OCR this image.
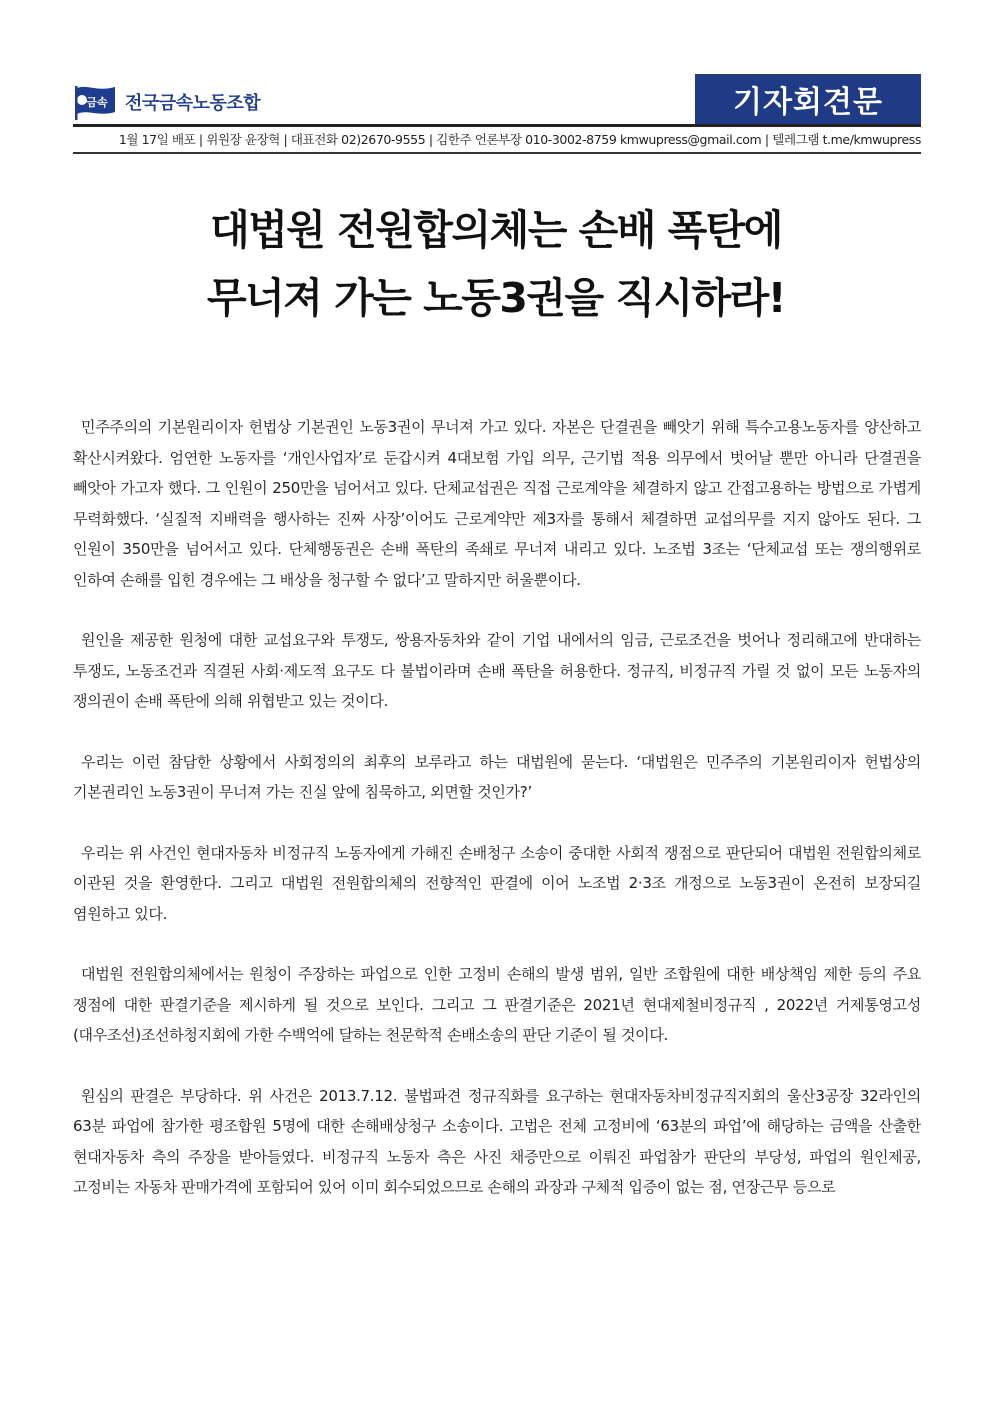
금속 전국금속노동조합	기자회견문
1월 17일 배포 | 위원장 윤장혁 | 대표전화 02)2670-9555 | 김한주 언론부장 010-3002-8759 kmwupress@gmail.com | 텔레그램 t.me/kmwupress
대법원 전원합의체는 손배 폭탄에
무너져 가는 노동3권을 직시하라!

민주주의의 기본원리이자 헌법상 기본권인 노동3권이 무너져 가고 있다. 자본은 단결권을 빼앗기 위해 특수고용노동자를 양산하고 확산시켜왔다. 엄연한 노동자를 ‘개인사업자’로 둔갑시켜 4대보험 가입 의무, 근기법 적용 의무에서 벗어날 뿐만 아니라 단결권을 빼앗아 가고자 했다. 그 인원이 250만을 넘어서고 있다. 단체교섭권은 직접 근로계약을 체결하지 않고 간접고용하는 방법으로 가볍게 무력화했다. ‘실질적 지배력을 행사하는 진짜 사장’이어도 근로계약만 제3자를 통해서 체결하면 교섭의무를 지지 않아도 된다. 그 인원이 350만을 넘어서고 있다. 단체행동권은 손배 폭탄의 족쇄로 무너져 내리고 있다. 노조법 3조는 ‘단체교섭 또는 쟁의행위로 인하여 손해를 입힌 경우에는 그 배상을 청구할 수 없다’고 말하지만 허울뿐이다.

원인을 제공한 원청에 대한 교섭요구와 투쟁도, 쌍용자동차와 같이 기업 내에서의 임금, 근로조건을 벗어나 정리해고에 반대하는 투쟁도, 노동조건과 직결된 사회·제도적 요구도 다 불법이라며 손배 폭탄을 허용한다. 정규직, 비정규직 가릴 것 없이 모든 노동자의 쟁의권이 손배 폭탄에 의해 위협받고 있는 것이다.

우리는 이런 참담한 상황에서 사회정의의 최후의 보루라고 하는 대법원에 묻는다. ‘대법원은 민주주의 기본원리이자 헌법상의 기본권리인 노동3권이 무너져 가는 진실 앞에 침묵하고, 외면할 것인가?’

우리는 위 사건인 현대자동차 비정규직 노동자에게 가해진 손배청구 소송이 중대한 사회적 쟁점으로 판단되어 대법원 전원합의체로 이관된 것을 환영한다. 그리고 대법원 전원합의체의 전향적인 판결에 이어 노조법 2·3조 개정으로 노동3권이 온전히 보장되길 염원하고 있다.

대법원 전원합의체에서는 원청이 주장하는 파업으로 인한 고정비 손해의 발생 범위, 일반 조합원에 대한 배상책임 제한 등의 주요 쟁점에 대한 판결기준을 제시하게 될 것으로 보인다. 그리고 그 판결기준은 2021년 현대제철비정규직 , 2022년 거제통영고성(대우조선)조선하청지회에 가한 수백억에 달하는 천문학적 손배소송의 판단 기준이 될 것이다.

원심의 판결은 부당하다. 위 사건은 2013.7.12. 불법파견 정규직화를 요구하는 현대자동차비정규직지회의 울산3공장 32라인의 63분 파업에 참가한 평조합원 5명에 대한 손해배상청구 소송이다. 고법은 전체 고정비에 ‘63분의 파업’에 해당하는 금액을 산출한 현대자동차 측의 주장을 받아들였다. 비정규직 노동자 측은 사진 채증만으로 이뤄진 파업참가 판단의 부당성, 파업의 원인제공, 고정비는 자동차 판매가격에 포함되어 있어 이미 회수되었으므로 손해의 과장과 구체적 입증이 없는 점, 연장근무 등으로
